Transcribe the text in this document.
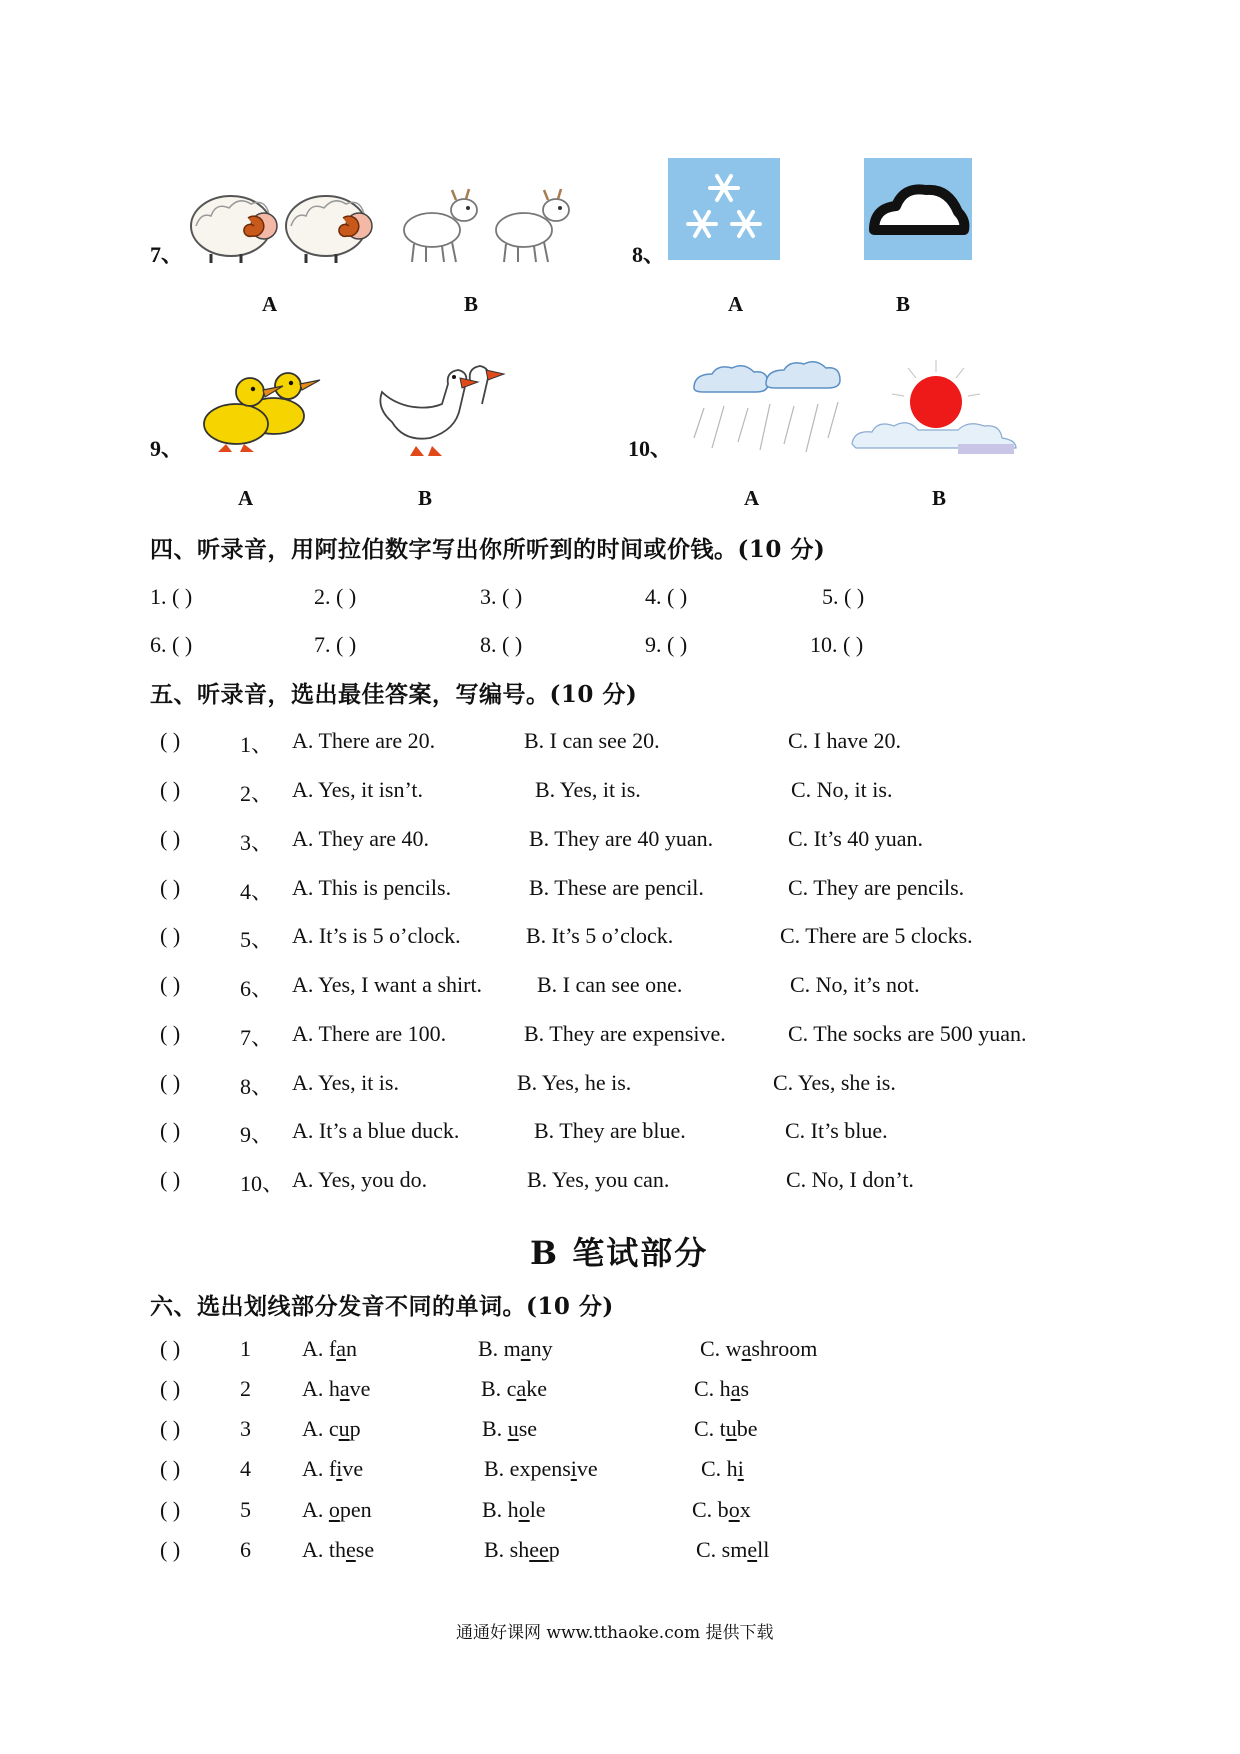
7、
A	B
8、
A	B
9、
A	B
10、
A	B
四、听录音，用阿拉伯数字写出你所听到的时间或价钱。(10 分)
1. ( )	2. ( )	3. ( )	4. ( )	5. ( )
6. ( )	7. ( )	8. ( )	9. ( )	10. ( )
五、听录音，选出最佳答案，写编号。(10 分)
( )	1、 A. There are 20.	B. I can see 20.	C. I have 20.
( )	2、 A. Yes, it isn’t.	B. Yes, it is.	C. No, it is.
( )	3、 A. They are 40.	B. They are 40 yuan.	C. It’s 40 yuan.
( )	4、 A. This is pencils.	B. These are pencil.	C. They are pencils.
( )	5、 A. It’s is 5 o’clock.	B. It’s 5 o’clock.	C. There are 5 clocks.
( )	6、 A. Yes, I want a shirt. B. I can see one.	C. No, it’s not.
( )	7、 A. There are 100.	B. They are expensive.	C. The socks are 500 yuan.
( )	8、 A. Yes, it is.	B. Yes, he is.	C. Yes, she is.
( )	9、 A. It’s a blue duck.	B. They are blue.	C. It’s blue.
( )	10、 A. Yes, you do.	B. Yes, you can.	C. No, I don’t.
B 笔试部分
六、选出划线部分发音不同的单词。(10 分)
( )	1 A. fan	B. many	C. washroom
( )	2 A. have	B. cake	C. has
( )	3 A. cup	B. use	C. tube
( )	4 A. five	B. expensive	C. hi
( )	5 A. open	B. hole	C. box
( )	6 A. these	B. sheep	C. smell
通通好课网 www.tthaoke.com 提供下载
